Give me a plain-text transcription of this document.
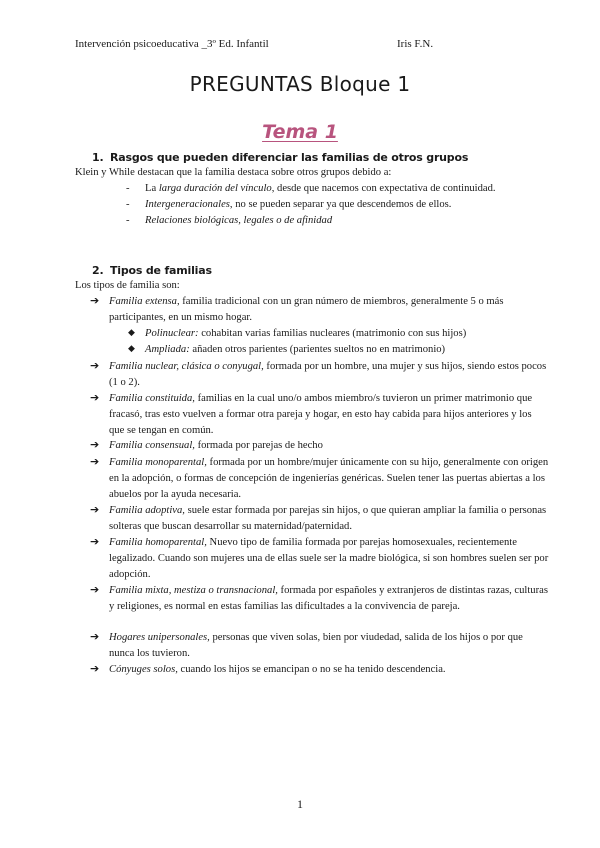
Intervención psicoeducativa _3º Ed. Infantil	Iris F.N.
PREGUNTAS Bloque 1
Tema 1
1. Rasgos que pueden diferenciar las familias de otros grupos
Klein y While destacan que la familia destaca sobre otros grupos debido a:
- La larga duración del vínculo, desde que nacemos con expectativa de continuidad.
- Intergeneracionales, no se pueden separar ya que descendemos de ellos.
- Relaciones biológicas, legales o de afinidad
2. Tipos de familias
Los tipos de familia son:
➔ Familia extensa, familia tradicional con un gran número de miembros, generalmente 5 o más participantes, en un mismo hogar.
◆ Polinuclear: cohabitan varias familias nucleares (matrimonio con sus hijos)
◆ Ampliada: añaden otros parientes (parientes sueltos no en matrimonio)
➔ Familia nuclear, clásica o conyugal, formada por un hombre, una mujer y sus hijos, siendo estos pocos (1 o 2).
➔ Familia constituida, familias en la cual uno/o ambos miembro/s tuvieron un primer matrimonio que fracasó, tras esto vuelven a formar otra pareja y hogar, en esto hay cabida para hijos anteriores y los que se tengan en común.
➔ Familia consensual, formada por parejas de hecho
➔ Familia monoparental, formada por un hombre/mujer únicamente con su hijo, generalmente con origen en la adopción, o formas de concepción de ingenierías genéricas. Suelen tener las puertas abiertas a los abuelos por la ayuda necesaria.
➔ Familia adoptiva, suele estar formada por parejas sin hijos, o que quieran ampliar la familia o personas solteras que buscan desarrollar su maternidad/paternidad.
➔ Familia homoparental, Nuevo tipo de familia formada por parejas homosexuales, recientemente legalizado. Cuando son mujeres una de ellas suele ser la madre biológica, si son hombres suelen ser por adopción.
➔ Familia mixta, mestiza o transnacional, formada por españoles y extranjeros de distintas razas, culturas y religiones, es normal en estas familias las dificultades a la convivencia de pareja.
➔ Hogares unipersonales, personas que viven solas, bien por viudedad, salida de los hijos o por que nunca los tuvieron.
➔ Cónyuges solos, cuando los hijos se emancipan o no se ha tenido descendencia.
1
